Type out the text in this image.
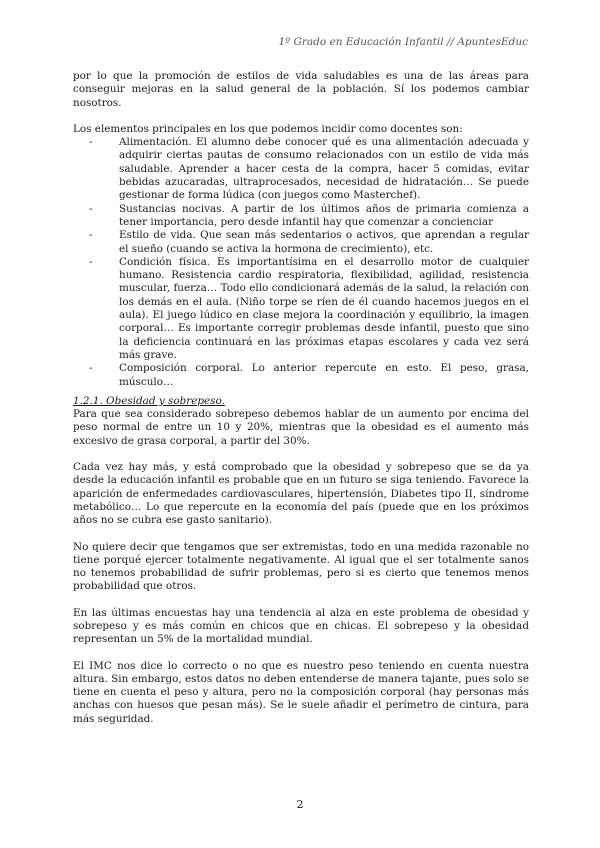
1º Grado en Educación Infantil // ApuntesEduc

por lo que la promoción de estilos de vida saludables es una de las áreas para conseguir mejoras en la salud general de la población. Sí los podemos cambiar nosotros.

Los elementos principales en los que podemos incidir como docentes son:

- Alimentación. El alumno debe conocer qué es una alimentación adecuada y adquirir ciertas pautas de consumo relacionados con un estilo de vida más saludable. Aprender a hacer cesta de la compra, hacer 5 comidas, evitar bebidas azucaradas, ultraprocesados, necesidad de hidratación… Se puede gestionar de forma lúdica (con juegos como Masterchef).
- Sustancias nocivas. A partir de los últimos años de primaria comienza a tener importancia, pero desde infantil hay que comenzar a concienciar
- Estilo de vida. Que sean más sedentarios o activos, que aprendan a regular el sueño (cuando se activa la hormona de crecimiento), etc.
- Condición física. Es importantísima en el desarrollo motor de cualquier humano. Resistencia cardio respiratoria, flexibilidad, agilidad, resistencia muscular, fuerza… Todo ello condicionará además de la salud, la relación con los demás en el aula. (Niño torpe se ríen de él cuando hacemos juegos en el aula). El juego lúdico en clase mejora la coordinación y equilibrio, la imagen corporal… Es importante corregir problemas desde infantil, puesto que sino la deficiencia continuará en las próximas etapas escolares y cada vez será más grave.
- Composición corporal. Lo anterior repercute en esto. El peso, grasa, músculo…

1.2.1. Obesidad y sobrepeso.

Para que sea considerado sobrepeso debemos hablar de un aumento por encima del peso normal de entre un 10 y 20%, mientras que la obesidad es el aumento más excesivo de grasa corporal, a partir del 30%.

Cada vez hay más, y está comprobado que la obesidad y sobrepeso que se da ya desde la educación infantil es probable que en un futuro se siga teniendo. Favorece la aparición de enfermedades cardiovasculares, hipertensión, Diabetes tipo II, síndrome metabólico… Lo que repercute en la economía del país (puede que en los próximos años no se cubra ese gasto sanitario).

No quiere decir que tengamos que ser extremistas, todo en una medida razonable no tiene porqué ejercer totalmente negativamente. Al igual que el ser totalmente sanos no tenemos probabilidad de sufrir problemas, pero si es cierto que tenemos menos probabilidad que otros.

En las últimas encuestas hay una tendencia al alza en este problema de obesidad y sobrepeso y es más común en chicos que en chicas. El sobrepeso y la obesidad representan un 5% de la mortalidad mundial.

El IMC nos dice lo correcto o no que es nuestro peso teniendo en cuenta nuestra altura. Sin embargo, estos datos no deben entenderse de manera tajante, pues solo se tiene en cuenta el peso y altura, pero no la composición corporal (hay personas más anchas con huesos que pesan más). Se le suele añadir el perímetro de cintura, para más seguridad.

2
